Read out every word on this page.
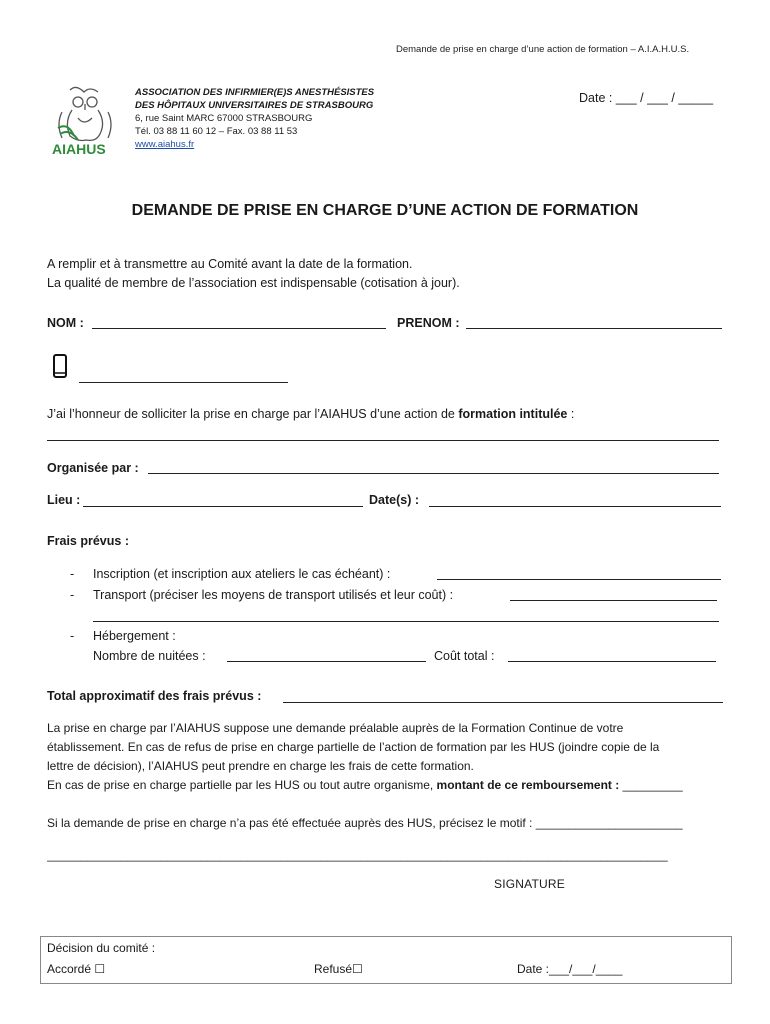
Demande de prise en charge d’une action de formation – A.I.A.H.U.S.
AIAHUS
ASSOCIATION DES INFIRMIER(E)S ANESTHÉSISTES
DES HÔPITAUX UNIVERSITAIRES DE STRASBOURG
6, rue Saint MARC 67000 STRASBOURG
Tél. 03 88 11 60 12 – Fax. 03 88 11 53
www.aiahus.fr
Date : ___ / ___ / _____
DEMANDE DE PRISE EN CHARGE D’UNE ACTION DE FORMATION
A remplir et à transmettre au Comité avant la date de la formation.
La qualité de membre de l’association est indispensable (cotisation à jour).
NOM :	PRENOM :
J’ai l’honneur de solliciter la prise en charge par l’AIAHUS d’une action de formation intitulée :
Organisée par :
Lieu :	Date(s) :
Frais prévus :
- Inscription (et inscription aux ateliers le cas échéant) :
- Transport (préciser les moyens de transport utilisés et leur coût) :
- Hébergement :
Nombre de nuitées :	Coût total :
Total approximatif des frais prévus :
La prise en charge par l’AIAHUS suppose une demande préalable auprès de la Formation Continue de votre
établissement. En cas de refus de prise en charge partielle de l’action de formation par les HUS (joindre copie de la
lettre de décision), l’AIAHUS peut prendre en charge les frais de cette formation.
En cas de prise en charge partielle par les HUS ou tout autre organisme, montant de ce remboursement : _________
Si la demande de prise en charge n’a pas été effectuée auprès des HUS, précisez le motif : ______________________
_____________________________________________________________________________________________
SIGNATURE
Décision du comité :
Accordé ☐	Refusé☐	Date :___/___/____
